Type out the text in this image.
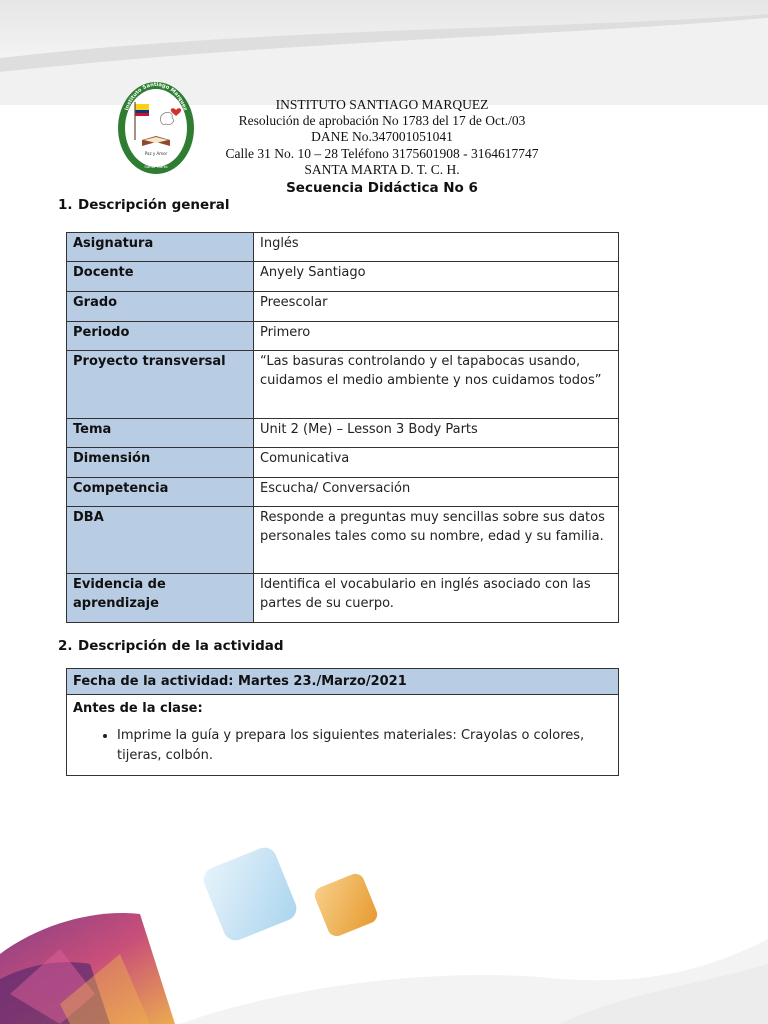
Paz y Amor
Santa Marta
Instituto Santiago Marquez	INSTITUTO SANTIAGO MARQUEZ
Resolución de aprobación No 1783 del 17 de Oct./03
DANE No.347001051041
Calle 31 No. 10 – 28 Teléfono 3175601908 - 3164617747
SANTA MARTA D. T. C. H.
Secuencia Didáctica No 6
1. Descripción general
Asignatura	Inglés
Docente	Anyely Santiago
Grado	Preescolar
Periodo	Primero
Proyecto transversal	“Las basuras controlando y el tapabocas usando, cuidamos el medio ambiente y nos cuidamos todos”
Tema	Unit 2 (Me) – Lesson 3 Body Parts
Dimensión	Comunicativa
Competencia	Escucha/ Conversación
DBA	Responde a preguntas muy sencillas sobre sus datos personales tales como su nombre, edad y su familia.
Evidencia de aprendizaje	Identifica el vocabulario en inglés asociado con las partes de su cuerpo.
2. Descripción de la actividad
Fecha de la actividad: Martes 23./Marzo/2021

Antes de la clase:
• Imprime la guía y prepara los siguientes materiales: Crayolas o colores, tijeras, colbón.
